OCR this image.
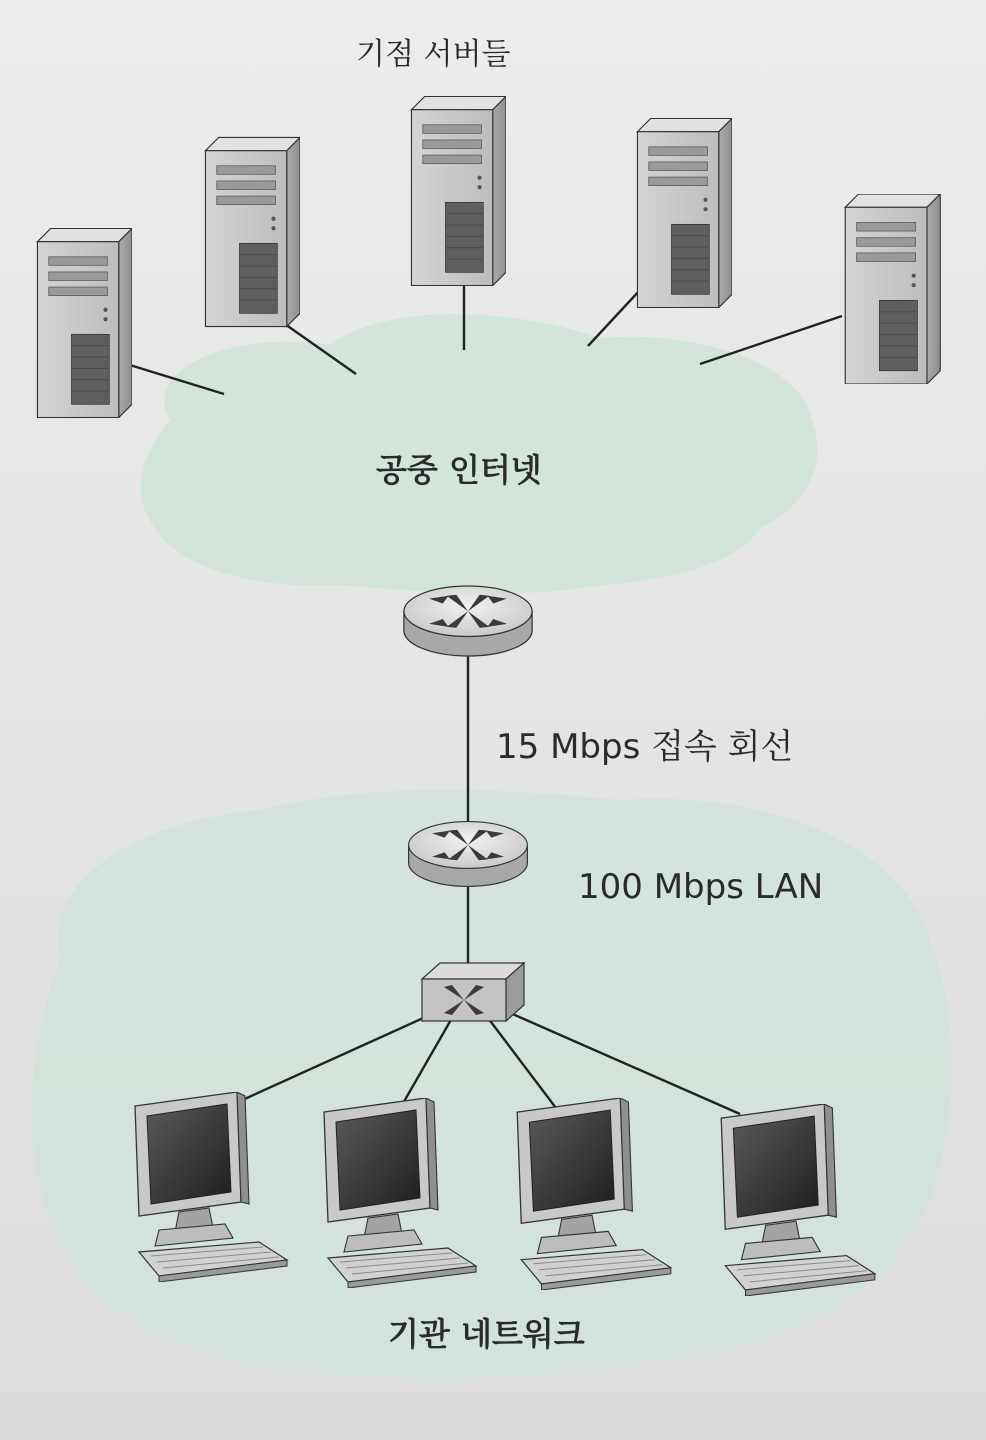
기점 서버들
공중 인터넷
15 Mbps 접속 회선
100 Mbps LAN
기관 네트워크
